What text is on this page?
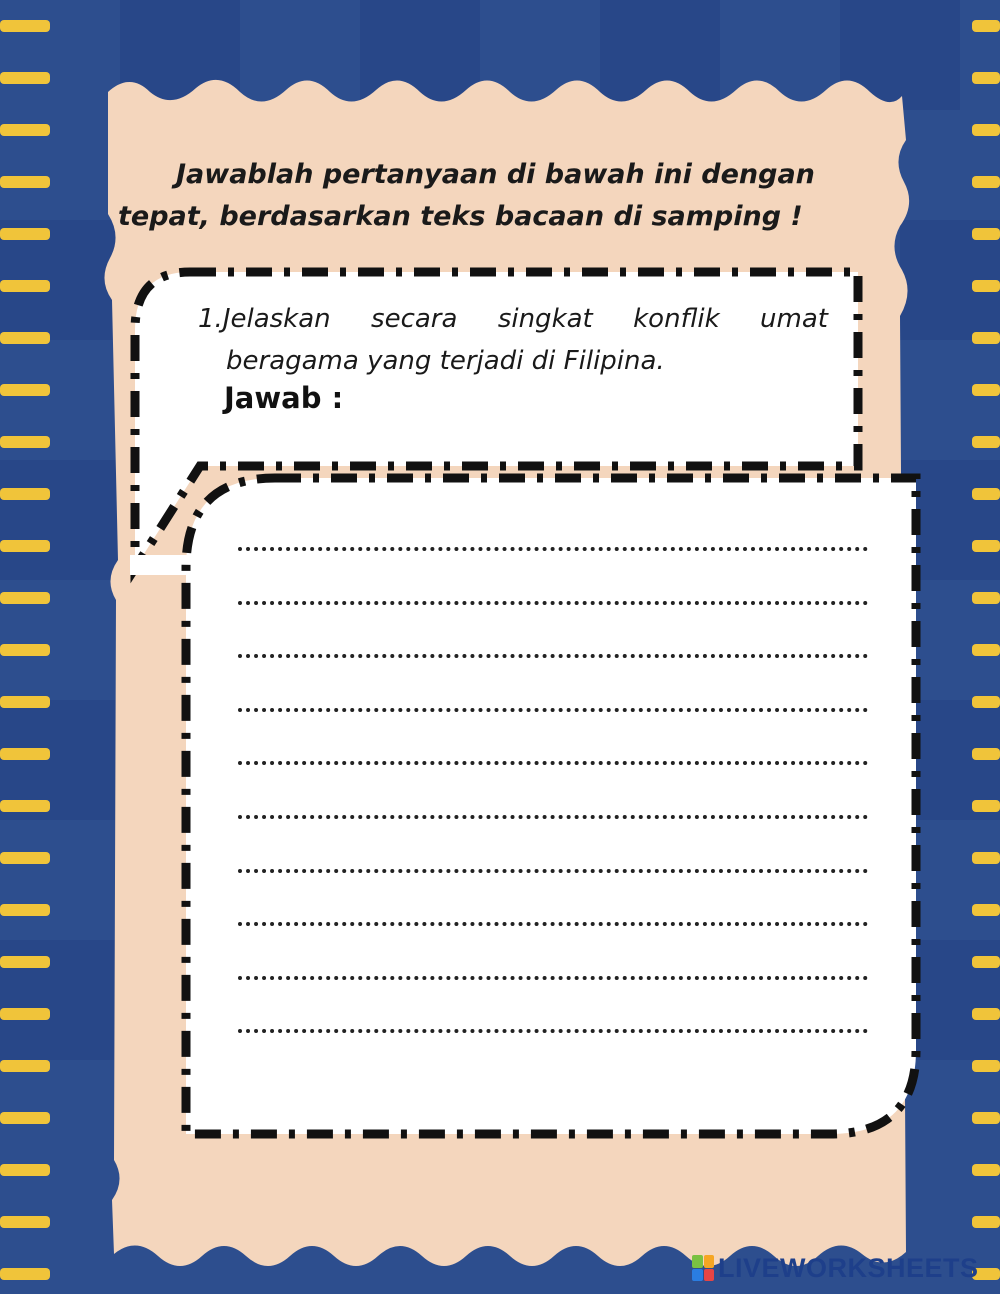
Jawablah pertanyaan di bawah ini dengan
tepat, berdasarkan teks bacaan di samping !
1.Jelaskan secara singkat konflik umat
beragama yang terjadi di Filipina.
Jawab :
LIVEWORKSHEETS
